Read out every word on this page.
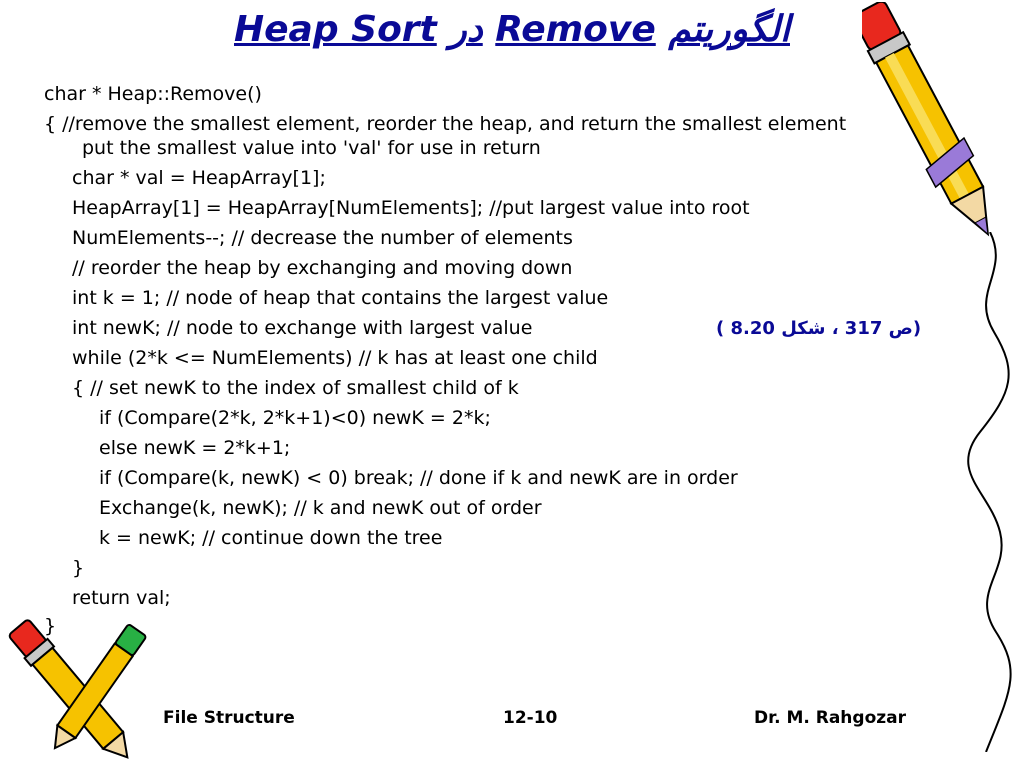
Heap Sort در Remove الگوریتم
char * Heap::Remove()
{ //remove the smallest element, reorder the heap, and return the smallest element
put the smallest value into 'val' for use in return
char * val = HeapArray[1];
HeapArray[1] = HeapArray[NumElements]; //put largest value into root
NumElements--; // decrease the number of elements
// reorder the heap by exchanging and moving down
int k = 1; // node of heap that contains the largest value
int newK; // node to exchange with largest value
while (2*k <= NumElements) // k has at least one child
{ // set newK to the index of smallest child of k
if (Compare(2*k, 2*k+1)<0) newK = 2*k;
else newK = 2*k+1;
if (Compare(k, newK) < 0) break; // done if k and newK are in order
Exchange(k, newK); // k and newK out of order
k = newK; // continue down the tree
}
return val;
}
(ص 317 ، شکل 8.20 )
File Structure	12-10	Dr. M. Rahgozar
